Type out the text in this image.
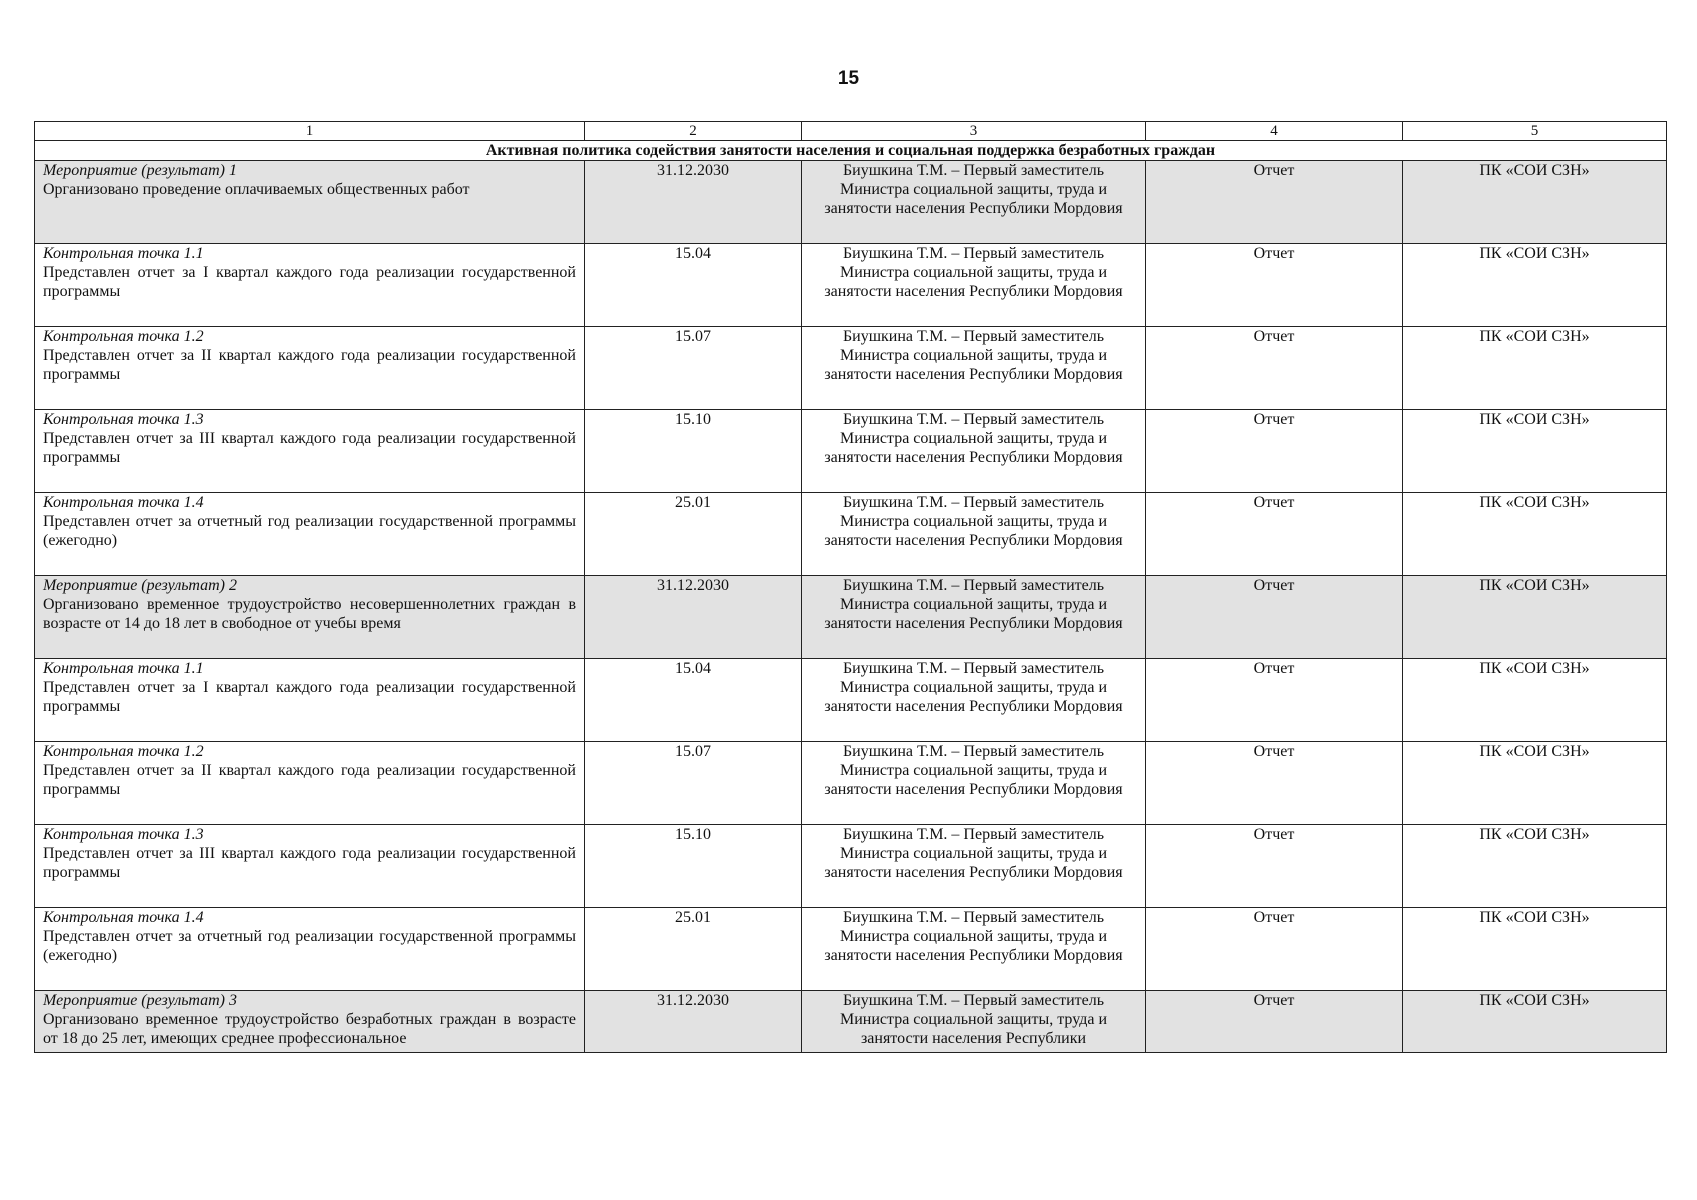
15
1	2	3	4	5
Активная политика содействия занятости населения и социальная поддержка безработных граждан				

Мероприятие (результат) 1
Организовано проведение оплачиваемых общественных работ	31.12.2030	Биушкина Т.М. – Первый заместитель Министра социальной защиты, труда и занятости населения Республики Мордовия	Отчет	ПК «СОИ СЗН»

Контрольная точка 1.1
Представлен отчет за I квартал каждого года реализации государственной программы	15.04	Биушкина Т.М. – Первый заместитель Министра социальной защиты, труда и занятости населения Республики Мордовия	Отчет	ПК «СОИ СЗН»

Контрольная точка 1.2
Представлен отчет за II квартал каждого года реализации государственной программы	15.07	Биушкина Т.М. – Первый заместитель Министра социальной защиты, труда и занятости населения Республики Мордовия	Отчет	ПК «СОИ СЗН»

Контрольная точка 1.3
Представлен отчет за III квартал каждого года реализации государственной программы	15.10	Биушкина Т.М. – Первый заместитель Министра социальной защиты, труда и занятости населения Республики Мордовия	Отчет	ПК «СОИ СЗН»

Контрольная точка 1.4
Представлен отчет за отчетный год реализации государственной программы (ежегодно)	25.01	Биушкина Т.М. – Первый заместитель Министра социальной защиты, труда и занятости населения Республики Мордовия	Отчет	ПК «СОИ СЗН»

Мероприятие (результат) 2
Организовано временное трудоустройство несовершеннолетних граждан в возрасте от 14 до 18 лет в свободное от учебы время	31.12.2030	Биушкина Т.М. – Первый заместитель Министра социальной защиты, труда и занятости населения Республики Мордовия	Отчет	ПК «СОИ СЗН»

Контрольная точка 1.1
Представлен отчет за I квартал каждого года реализации государственной программы	15.04	Биушкина Т.М. – Первый заместитель Министра социальной защиты, труда и занятости населения Республики Мордовия	Отчет	ПК «СОИ СЗН»

Контрольная точка 1.2
Представлен отчет за II квартал каждого года реализации государственной программы	15.07	Биушкина Т.М. – Первый заместитель Министра социальной защиты, труда и занятости населения Республики Мордовия	Отчет	ПК «СОИ СЗН»

Контрольная точка 1.3
Представлен отчет за III квартал каждого года реализации государственной программы	15.10	Биушкина Т.М. – Первый заместитель Министра социальной защиты, труда и занятости населения Республики Мордовия	Отчет	ПК «СОИ СЗН»

Контрольная точка 1.4
Представлен отчет за отчетный год реализации государственной программы (ежегодно)	25.01	Биушкина Т.М. – Первый заместитель Министра социальной защиты, труда и занятости населения Республики Мордовия	Отчет	ПК «СОИ СЗН»

Мероприятие (результат) 3
Организовано временное трудоустройство безработных граждан в возрасте от 18 до 25 лет, имеющих среднее профессиональное	31.12.2030	Биушкина Т.М. – Первый заместитель Министра социальной защиты, труда и занятости населения Республики	Отчет	ПК «СОИ СЗН»
